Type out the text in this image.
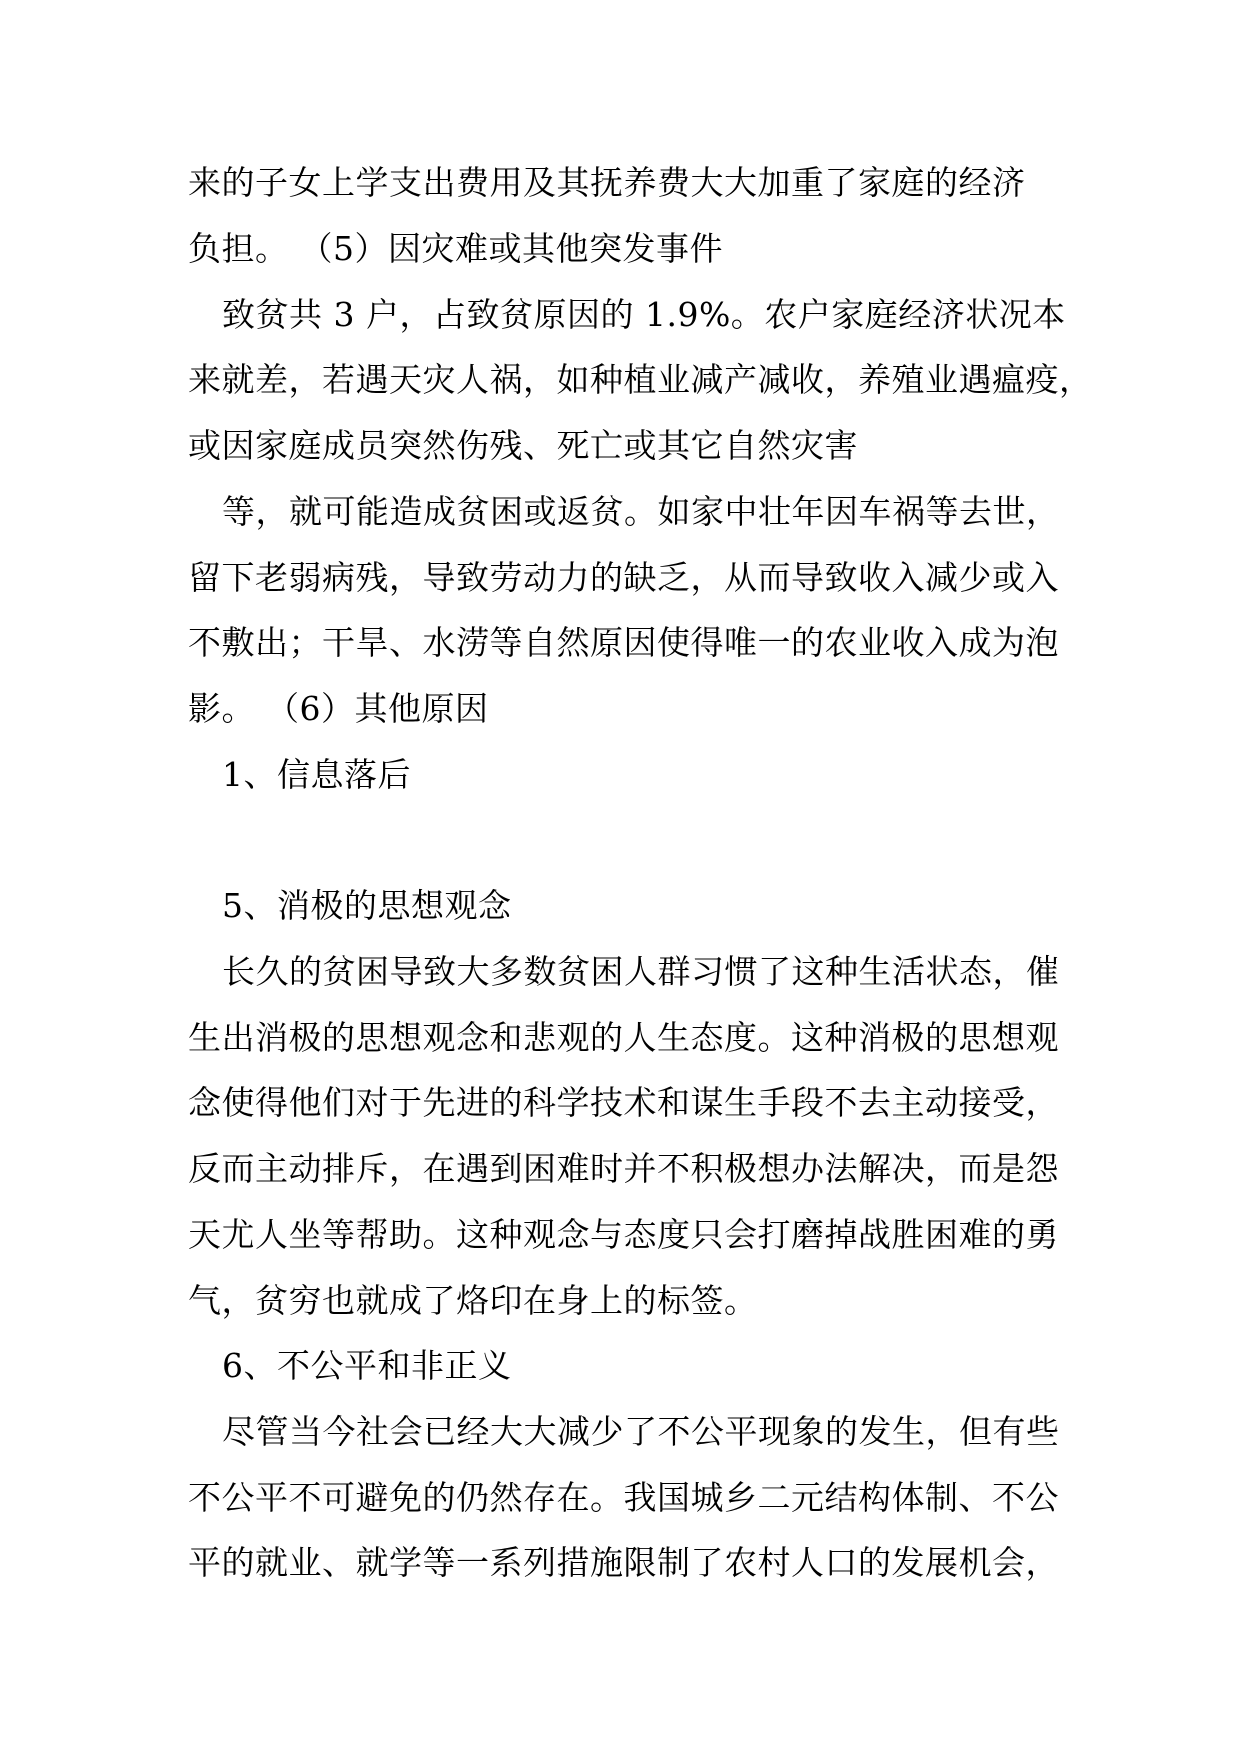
来的子女上学支出费用及其抚养费大大加重了家庭的经济
负担。 （5）因灾难或其他突发事件
致贫共 3 户，占致贫原因的 1.9%。农户家庭经济状况本
来就差，若遇天灾人祸，如种植业减产减收，养殖业遇瘟疫，
或因家庭成员突然伤残、死亡或其它自然灾害
等，就可能造成贫困或返贫。如家中壮年因车祸等去世，
留下老弱病残，导致劳动力的缺乏，从而导致收入减少或入
不敷出；干旱、水涝等自然原因使得唯一的农业收入成为泡
影。 （6）其他原因
1、信息落后
5、消极的思想观念
长久的贫困导致大多数贫困人群习惯了这种生活状态，催
生出消极的思想观念和悲观的人生态度。这种消极的思想观
念使得他们对于先进的科学技术和谋生手段不去主动接受，
反而主动排斥，在遇到困难时并不积极想办法解决，而是怨
天尤人坐等帮助。这种观念与态度只会打磨掉战胜困难的勇
气，贫穷也就成了烙印在身上的标签。
6、不公平和非正义
尽管当今社会已经大大减少了不公平现象的发生，但有些
不公平不可避免的仍然存在。我国城乡二元结构体制、不公
平的就业、就学等一系列措施限制了农村人口的发展机会，
